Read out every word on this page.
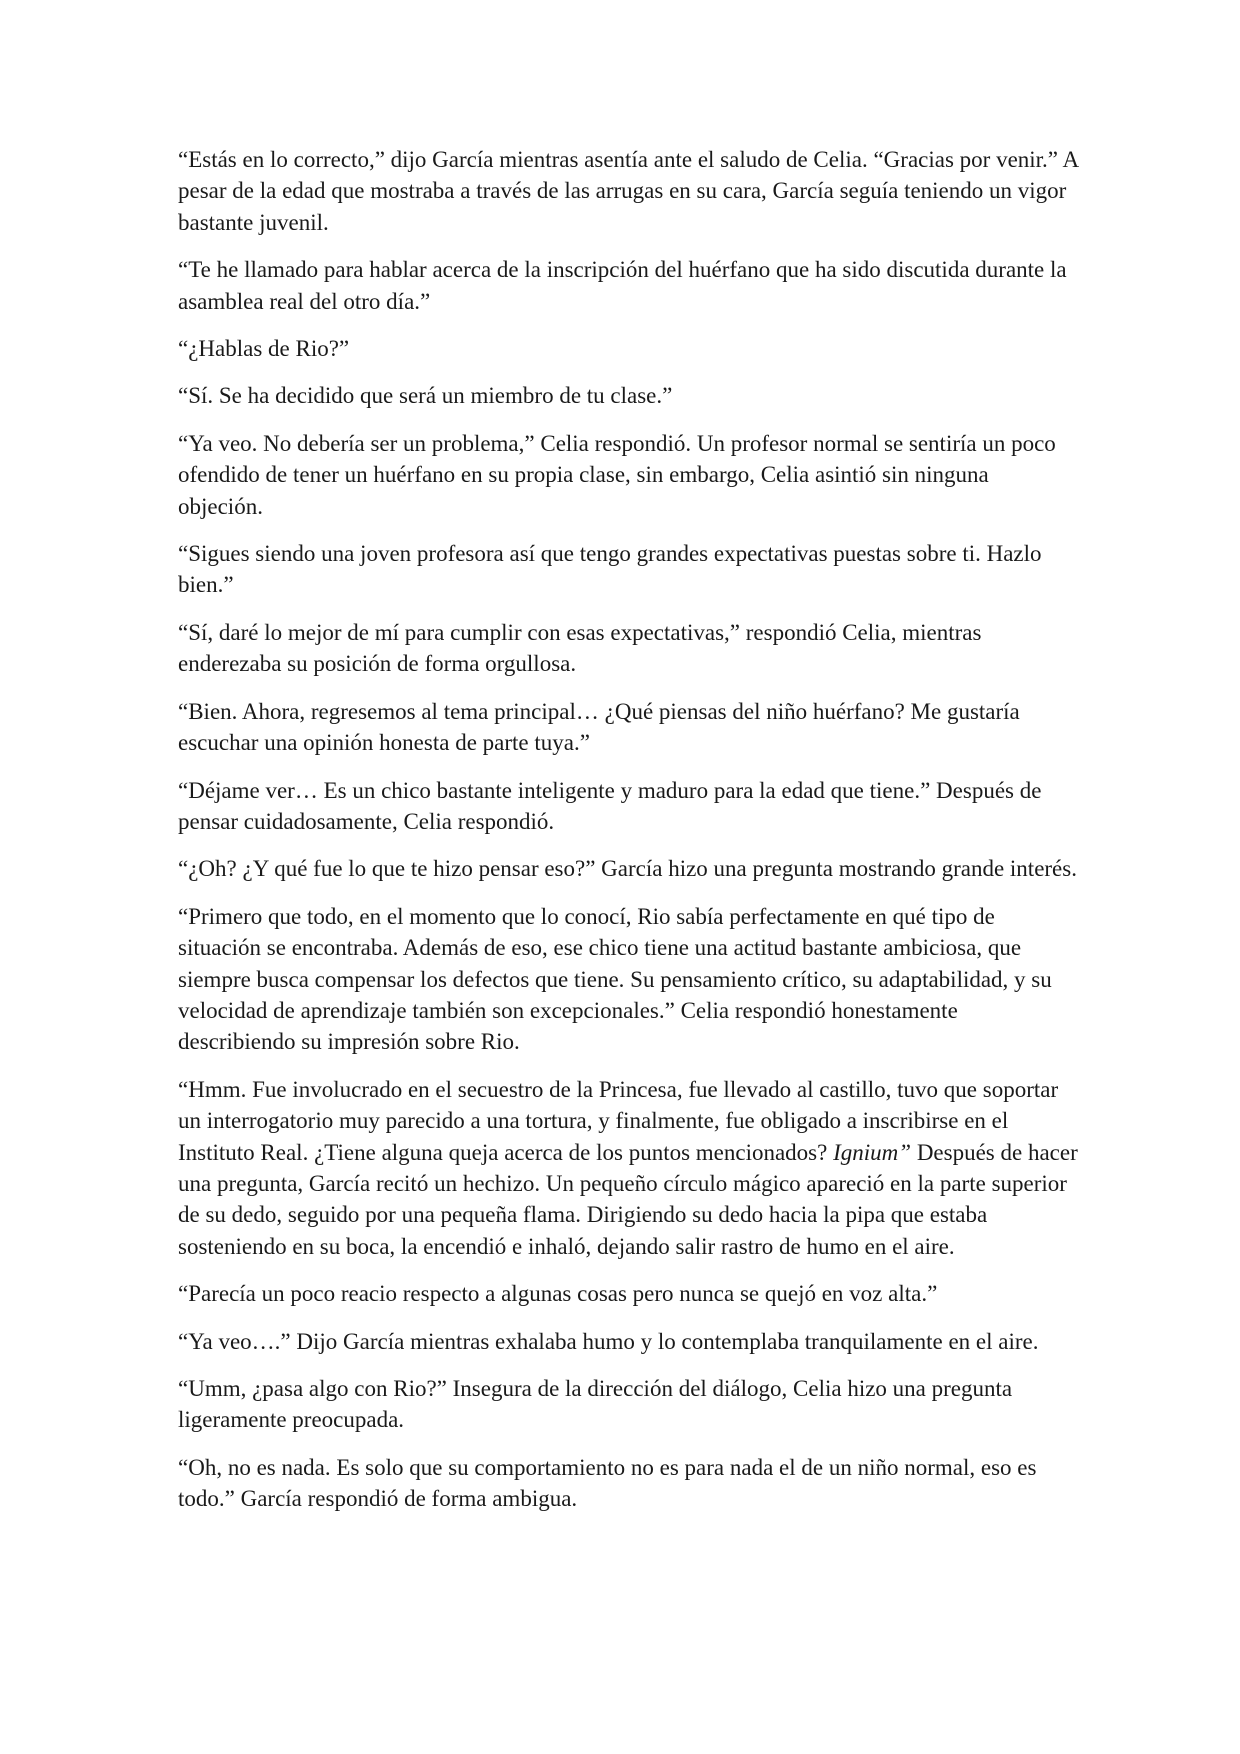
“Estás en lo correcto,” dijo García mientras asentía ante el saludo de Celia. “Gracias por venir.” A pesar de la edad que mostraba a través de las arrugas en su cara, García seguía teniendo un vigor bastante juvenil.

“Te he llamado para hablar acerca de la inscripción del huérfano que ha sido discutida durante la asamblea real del otro día.”

“¿Hablas de Rio?”

“Sí. Se ha decidido que será un miembro de tu clase.”

“Ya veo. No debería ser un problema,” Celia respondió. Un profesor normal se sentiría un poco ofendido de tener un huérfano en su propia clase, sin embargo, Celia asintió sin ninguna objeción.

“Sigues siendo una joven profesora así que tengo grandes expectativas puestas sobre ti. Hazlo bien.”

“Sí, daré lo mejor de mí para cumplir con esas expectativas,” respondió Celia, mientras enderezaba su posición de forma orgullosa.

“Bien. Ahora, regresemos al tema principal… ¿Qué piensas del niño huérfano? Me gustaría escuchar una opinión honesta de parte tuya.”

“Déjame ver… Es un chico bastante inteligente y maduro para la edad que tiene.” Después de pensar cuidadosamente, Celia respondió.

“¿Oh? ¿Y qué fue lo que te hizo pensar eso?” García hizo una pregunta mostrando grande interés.

“Primero que todo, en el momento que lo conocí, Rio sabía perfectamente en qué tipo de situación se encontraba. Además de eso, ese chico tiene una actitud bastante ambiciosa, que siempre busca compensar los defectos que tiene. Su pensamiento crítico, su adaptabilidad, y su velocidad de aprendizaje también son excepcionales.” Celia respondió honestamente describiendo su impresión sobre Rio.

“Hmm. Fue involucrado en el secuestro de la Princesa, fue llevado al castillo, tuvo que soportar un interrogatorio muy parecido a una tortura, y finalmente, fue obligado a inscribirse en el Instituto Real. ¿Tiene alguna queja acerca de los puntos mencionados? Ignium” Después de hacer una pregunta, García recitó un hechizo. Un pequeño círculo mágico apareció en la parte superior de su dedo, seguido por una pequeña flama. Dirigiendo su dedo hacia la pipa que estaba sosteniendo en su boca, la encendió e inhaló, dejando salir rastro de humo en el aire.

“Parecía un poco reacio respecto a algunas cosas pero nunca se quejó en voz alta.”

“Ya veo….” Dijo García mientras exhalaba humo y lo contemplaba tranquilamente en el aire.

“Umm, ¿pasa algo con Rio?” Insegura de la dirección del diálogo, Celia hizo una pregunta ligeramente preocupada.

“Oh, no es nada. Es solo que su comportamiento no es para nada el de un niño normal, eso es todo.” García respondió de forma ambigua.
